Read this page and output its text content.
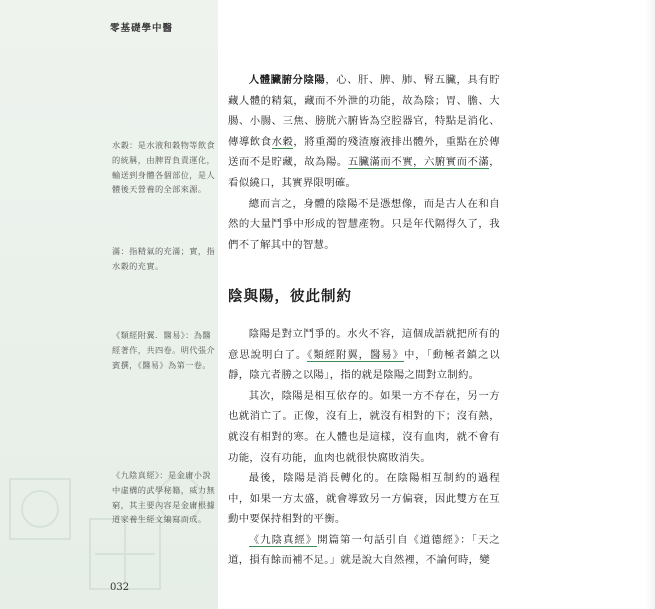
零基礎學中醫
水穀：是水液和穀物等飲食的統稱，由脾胃負責運化，輸送到身體各個部位，是人體後天營養的全部來源。
滿：指精氣的充滿；實，指水穀的充實。
《類經附翼．醫易》：為醫經著作，共四卷。明代張介賓撰，《醫易》為第一卷。
《九陰真經》：是金庸小說中虛構的武學秘籍，威力無窮，其主要內容是金庸根據道家養生經文編寫而成。

人體臟腑分陰陽，心、肝、脾、肺、腎五臟，具有貯藏人體的精氣，藏而不外泄的功能，故為陰；胃、膽、大腸、小腸、三焦、膀胱六腑皆為空腔器官，特點是消化、傳導飲食水穀，將重濁的殘渣廢液排出體外，重點在於傳送而不是貯藏，故為陽。五臟滿而不實，六腑實而不滿，看似繞口，其實界限明確。

總而言之，身體的陰陽不是憑想像，而是古人在和自然的大量鬥爭中形成的智慧產物。只是年代隔得久了，我們不了解其中的智慧。

陰與陽，彼此制約

陰陽是對立鬥爭的。水火不容，這個成語就把所有的意思說明白了。《類經附翼，醫易》中，「動極者鎮之以靜，陰亢者勝之以陽」，指的就是陰陽之間對立制約。

其次，陰陽是相互依存的。如果一方不存在，另一方也就消亡了。正像，沒有上，就沒有相對的下；沒有熱，就沒有相對的寒。在人體也是這樣，沒有血肉，就不會有功能，沒有功能，血肉也就很快腐敗消失。

最後，陰陽是消長轉化的。在陰陽相互制約的過程中，如果一方太盛，就會導致另一方偏衰，因此雙方在互動中要保持相對的平衡。

《九陰真經》開篇第一句話引自《道德經》：「天之道，損有餘而補不足。」就是說大自然裡，不論何時，變

032
